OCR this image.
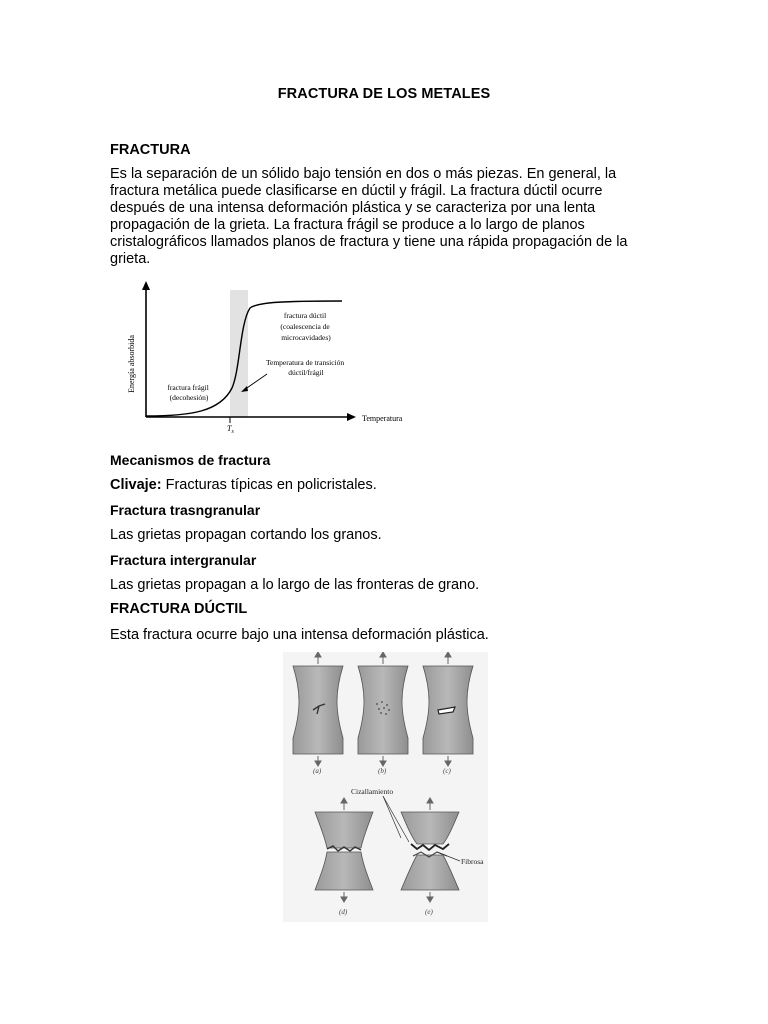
FRACTURA DE LOS METALES
FRACTURA
Es la separación de un sólido bajo tensión en dos o más piezas. En general, la fractura metálica puede clasificarse en dúctil y frágil. La fractura dúctil ocurre después de una intensa deformación plástica y se caracteriza por una lenta propagación de la grieta. La fractura frágil se produce a lo largo de planos cristalográficos llamados planos de fractura y tiene una rápida propagación de la grieta.
Energía absorbida
Temperatura
$T_s$
fractura dúctil (coalescencia de microcavidades)
Temperatura de transición dúctil/frágil
fractura frágil (decohesión)
Mecanismos de fractura
Clivaje: Fracturas típicas en policristales.
Fractura trasngranular
Las grietas propagan cortando los granos.
Fractura intergranular
Las grietas propagan a lo largo de las fronteras de grano.
FRACTURA DÚCTIL
Esta fractura ocurre bajo una intensa deformación plástica.
(a)	(b)	(c)
Cizallamiento
Fibrosa
(d)	(e)
